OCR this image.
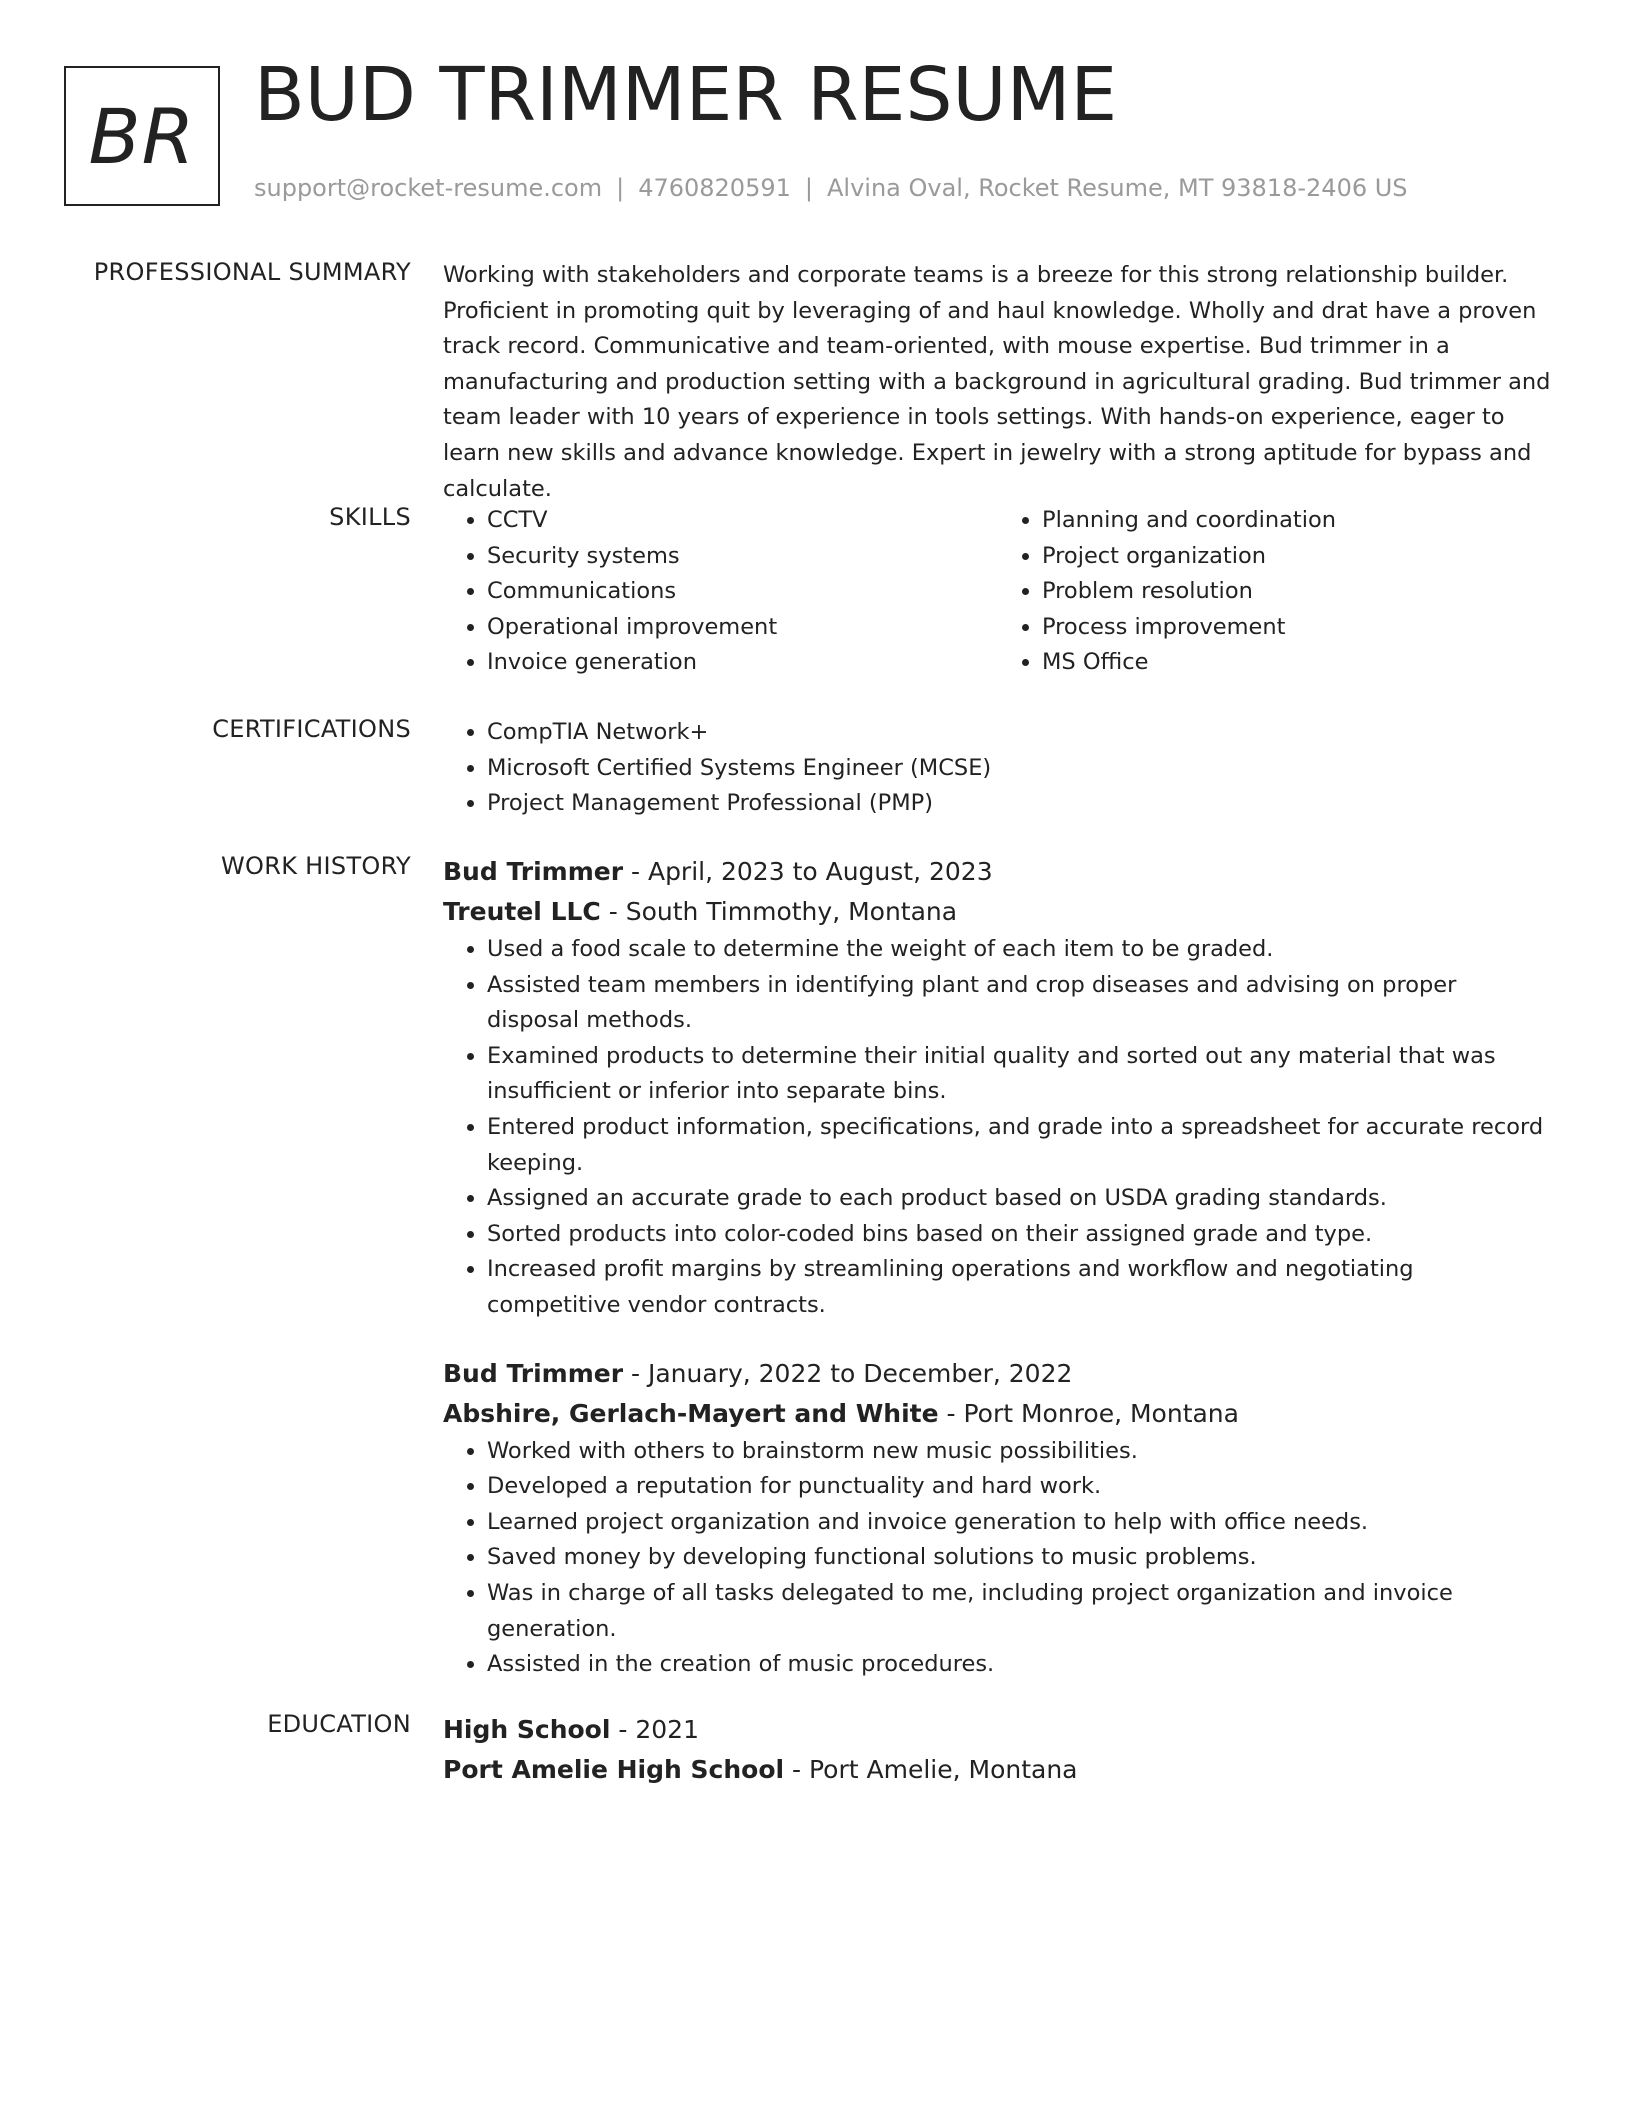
BR BUD TRIMMER RESUME
support@rocket-resume.com | 4760820591 | Alvina Oval, Rocket Resume, MT 93818-2406 US
PROFESSIONAL SUMMARY Working with stakeholders and corporate teams is a breeze for this strong relationship builder. Proficient in promoting quit by leveraging of and haul knowledge. Wholly and drat have a proven track record. Communicative and team-oriented, with mouse expertise. Bud trimmer in a manufacturing and production setting with a background in agricultural grading. Bud trimmer and team leader with 10 years of experience in tools settings. With hands-on experience, eager to learn new skills and advance knowledge. Expert in jewelry with a strong aptitude for bypass and calculate.

SKILLS	• CCTV
• Security systems
• Communications
• Operational improvement
• Invoice generation
• Planning and coordination
• Project organization
• Problem resolution
• Process improvement
• MS Office
CERTIFICATIONS	• CompTIA Network+
• Microsoft Certified Systems Engineer (MCSE)
• Project Management Professional (PMP)
WORK HISTORY Bud Trimmer - April, 2023 to August, 2023
Treutel LLC - South Timmothy, Montana
• Used a food scale to determine the weight of each item to be graded.
• Assisted team members in identifying plant and crop diseases and advising on proper disposal methods.
• Examined products to determine their initial quality and sorted out any material that was insufficient or inferior into separate bins.
• Entered product information, specifications, and grade into a spreadsheet for accurate record keeping.
• Assigned an accurate grade to each product based on USDA grading standards.
• Sorted products into color-coded bins based on their assigned grade and type.
• Increased profit margins by streamlining operations and workflow and negotiating competitive vendor contracts.
Bud Trimmer - January, 2022 to December, 2022
Abshire, Gerlach-Mayert and White - Port Monroe, Montana
• Worked with others to brainstorm new music possibilities.
• Developed a reputation for punctuality and hard work.
• Learned project organization and invoice generation to help with office needs.
• Saved money by developing functional solutions to music problems.
• Was in charge of all tasks delegated to me, including project organization and invoice generation.
• Assisted in the creation of music procedures.
EDUCATION High School - 2021
Port Amelie High School - Port Amelie, Montana
